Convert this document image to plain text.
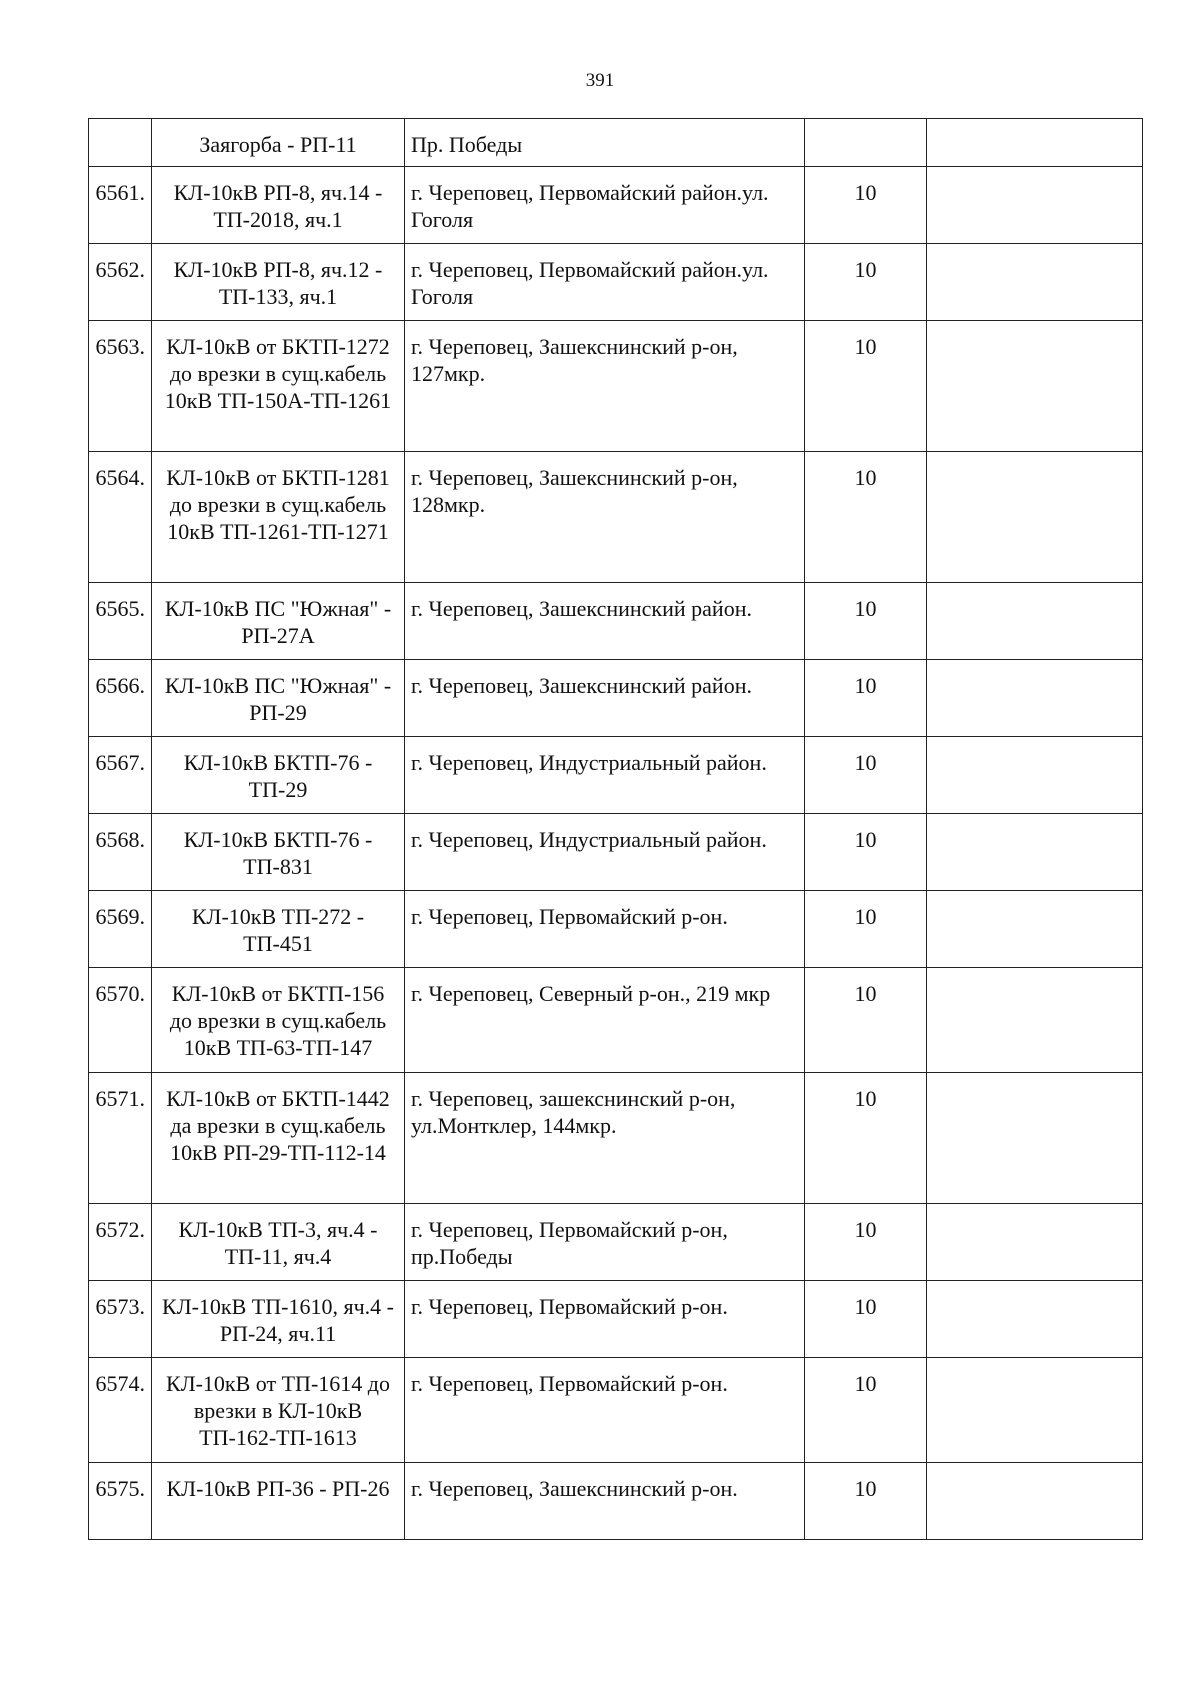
391
	Заягорба - РП-11	Пр. Победы		
6561.	КЛ-10кВ РП-8, яч.14 - ТП-2018, яч.1	г. Череповец, Первомайский район.ул. Гоголя	10	
6562.	КЛ-10кВ РП-8, яч.12 - ТП-133, яч.1	г. Череповец, Первомайский район.ул. Гоголя	10	
6563.	КЛ-10кВ от БКТП-1272 до врезки в сущ.кабель 10кВ ТП-150А-ТП-1261	г. Череповец, Зашекснинский р-он, 127мкр.	10	
6564.	КЛ-10кВ от БКТП-1281 до врезки в сущ.кабель 10кВ ТП-1261-ТП-1271	г. Череповец, Зашекснинский р-он, 128мкр.	10	
6565.	КЛ-10кВ ПС "Южная" - РП-27А	г. Череповец, Зашекснинский район.	10	
6566.	КЛ-10кВ ПС "Южная" - РП-29	г. Череповец, Зашекснинский район.	10	
6567.	КЛ-10кВ БКТП-76 - ТП-29	г. Череповец, Индустриальный район.	10	
6568.	КЛ-10кВ БКТП-76 - ТП-831	г. Череповец, Индустриальный район.	10	
6569.	КЛ-10кВ ТП-272 - ТП-451	г. Череповец, Первомайский р-он.	10	
6570.	КЛ-10кВ от БКТП-156 до врезки в сущ.кабель 10кВ ТП-63-ТП-147	г. Череповец, Северный р-он., 219 мкр	10	
6571.	КЛ-10кВ от БКТП-1442 да врезки в сущ.кабель 10кВ РП-29-ТП-112-14	г. Череповец, зашекснинский р-он, ул.Монтклер, 144мкр.	10	
6572.	КЛ-10кВ ТП-3, яч.4 - ТП-11, яч.4	г. Череповец, Первомайский р-он, пр.Победы	10	
6573.	КЛ-10кВ ТП-1610, яч.4 - РП-24, яч.11	г. Череповец, Первомайский р-он.	10	
6574.	КЛ-10кВ от ТП-1614 до врезки в КЛ-10кВ ТП-162-ТП-1613	г. Череповец, Первомайский р-он.	10	
6575.	КЛ-10кВ РП-36 - РП-26	г. Череповец, Зашекснинский р-он.	10	
